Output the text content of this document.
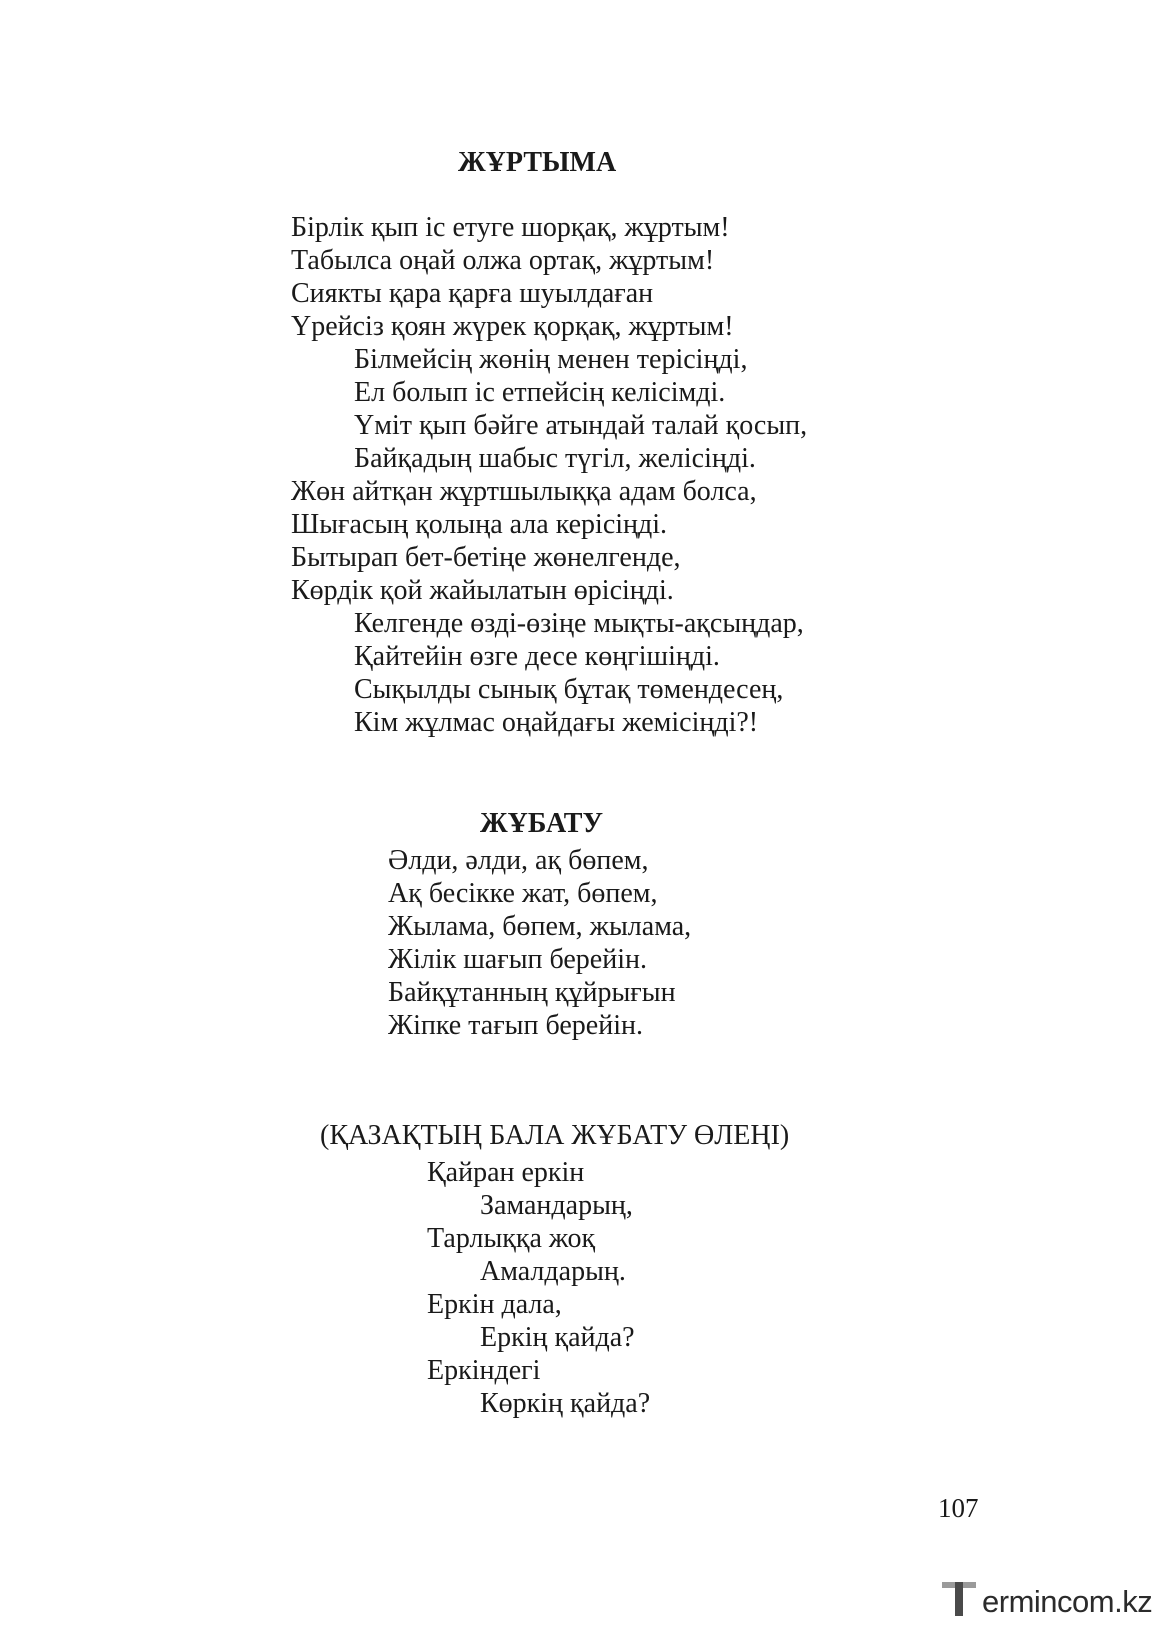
ЖҰРТЫМА
Бірлік қып іс етуге шорқақ, жұртым!
Табылса оңай олжа ортақ, жұртым!
Сиякты қара қарға шуылдаған
Үрейсіз қоян жүрек қорқақ, жұртым!
Білмейсің жөнің менен терісіңді,
Ел болып іс етпейсің келісімді.
Үміт қып бәйге атындай талай қосып,
Байқадың шабыс түгіл, желісіңді.
Жөн айтқан жұртшылыққа адам болса,
Шығасың қолыңа ала керісіңді.
Бытырап бет-бетіңе жөнелгенде,
Көрдік қой жайылатын өрісіңді.
Келгенде өзді-өзіңе мықты-ақсыңдар,
Қайтейін өзге десе көңгішіңді.
Сықылды сынық бұтақ төмендесең,
Кім жұлмас оңайдағы жемісіңді?!
ЖҰБАТУ
Әлди, әлди, ақ бөпем,
Ақ бесікке жат, бөпем,
Жылама, бөпем, жылама,
Жілік шағып берейін.
Байқұтанның құйрығын
Жіпке тағып берейін.
(ҚАЗАҚТЫҢ БАЛА ЖҰБАТУ ӨЛЕҢІ)
Қайран еркін
Замандарың,
Тарлыққа жоқ
Амалдарың.
Еркін дала,
Еркің қайда?
Еркіндегі
Көркің қайда?
107
ermincom.kz
